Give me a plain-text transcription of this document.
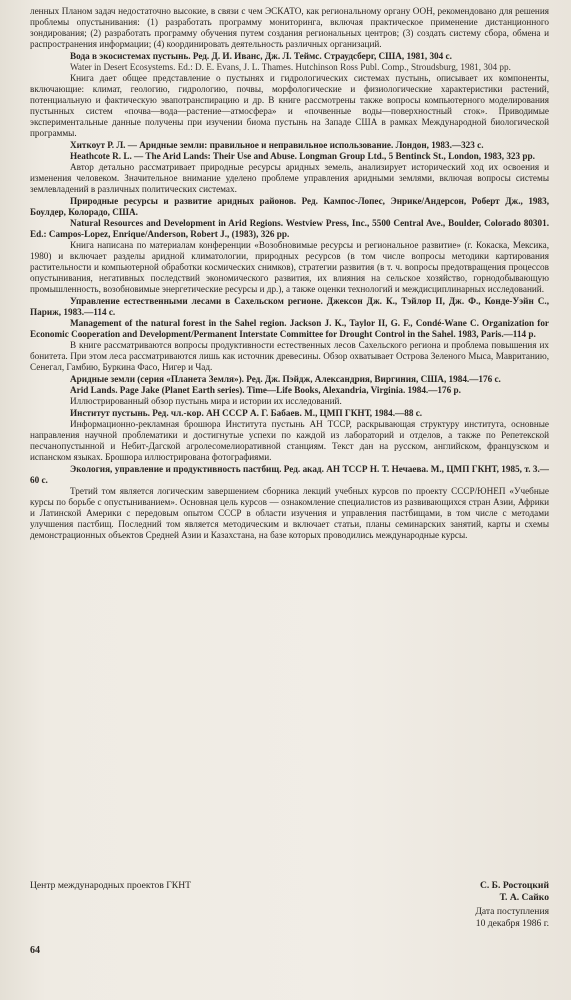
ленных Планом задач недостаточно высокие, в связи с чем ЭСКАТО, как региональному органу ООН, рекомендовано для решения проблемы опустынивания: (1) разработать программу мониторинга, включая практическое применение дистанционного зондирования; (2) разработать программу обучения путем создания региональных центров; (3) создать систему сбора, обмена и распространения информации; (4) координировать деятельность различных организаций.

Вода в экосистемах пустынь. Ред. Д. И. Иванс, Дж. Л. Теймс. Страудсберг, США, 1981, 304 с.

Water in Desert Ecosystems. Ed.: D. E. Evans, J. L. Thames. Hutchinson Ross Publ. Comp., Stroudsburg, 1981, 304 pp.

Книга дает общее представление о пустынях и гидрологических системах пустынь, описывает их компоненты, включающие: климат, геологию, гидрологию, почвы, морфологические и физиологические характеристики растений, потенциальную и фактическую эвапотранспирацию и др. В книге рассмотрены также вопросы компьютерного моделирования пустынных систем «почва—вода—растение—атмосфера» и «почвенные воды—поверхностный сток». Приводимые экспериментальные данные получены при изучении биома пустынь на Западе США в рамках Международной биологической программы.

Хиткоут Р. Л. — Аридные земли: правильное и неправильное использование. Лондон, 1983.—323 с.

Heathcote R. L. — The Arid Lands: Their Use and Abuse. Longman Group Ltd., 5 Bentinck St., London, 1983, 323 pp.

Автор детально рассматривает природные ресурсы аридных земель, анализирует исторический ход их освоения и изменения человеком. Значительное внимание уделено проблеме управления аридными землями, включая вопросы системы землевладений в различных политических системах.

Природные ресурсы и развитие аридных районов. Ред. Кампос-Лопес, Энрике/Андерсон, Роберт Дж., 1983, Боулдер, Колорадо, США.

Natural Resources and Development in Arid Regions. Westview Press, Inc., 5500 Central Ave., Boulder, Colorado 80301. Ed.: Campos-Lopez, Enrique/Anderson, Robert J., (1983), 326 pp.

Книга написана по материалам конференции «Возобновимые ресурсы и региональное развитие» (г. Кокаска, Мексика, 1980) и включает разделы аридной климатологии, природных ресурсов (в том числе вопросы методики картирования растительности и компьютерной обработки космических снимков), стратегии развития (в т. ч. вопросы предотвращения процессов опустынивания, негативных последствий экономического развития, их влияния на сельское хозяйство, горнодобывающую промышленность, возобновимые энергетические ресурсы и др.), а также оценки технологий и междисциплинарных исследований.

Управление естественными лесами в Сахельском регионе. Джексон Дж. К., Тэйлор II, Дж. Ф., Конде-Уэйн С., Париж, 1983.—114 с.

Management of the natural forest in the Sahel region. Jackson J. K., Taylor II, G. F., Condé-Wane C. Organization for Economic Cooperation and Development/Permanent Interstate Committee for Drought Control in the Sahel. 1983, Paris.—114 p.

В книге рассматриваются вопросы продуктивности естественных лесов Сахельского региона и проблема повышения их бонитета. При этом леса рассматриваются лишь как источник древесины. Обзор охватывает Острова Зеленого Мыса, Мавританию, Сенегал, Гамбию, Буркина Фасо, Нигер и Чад.

Аридные земли (серия «Планета Земля»). Ред. Дж. Пэйдж, Александрия, Виргиния, США, 1984.—176 с.

Arid Lands. Page Jake (Planet Earth series). Time—Life Books, Alexandria, Virginia. 1984.—176 p.

Иллюстрированный обзор пустынь мира и истории их исследований.

Институт пустынь. Ред. чл.-кор. АН СССР А. Г. Бабаев. М., ЦМП ГКНТ, 1984.—88 с.

Информационно-рекламная брошюра Института пустынь АН ТССР, раскрывающая структуру института, основные направления научной проблематики и достигнутые успехи по каждой из лабораторий и отделов, а также по Репетекской песчанопустынной и Небит-Дагской агролесомелиоративной станциям. Текст дан на русском, английском, французском и испанском языках. Брошюра иллюстрирована фотографиями.

Экология, управление и продуктивность пастбищ. Ред. акад. АН ТССР Н. Т. Нечаева. М., ЦМП ГКНТ, 1985, т. 3.—60 с.

Третий том является логическим завершением сборника лекций учебных курсов по проекту СССР/ЮНЕП «Учебные курсы по борьбе с опустыниванием». Основная цель курсов — ознакомление специалистов из развивающихся стран Азии, Африки и Латинской Америки с передовым опытом СССР в области изучения и управления пастбищами, в том числе с методами улучшения пастбищ. Последний том является методическим и включает статьи, планы семинарских занятий, карты и схемы демонстрационных объектов Средней Азии и Казахстана, на базе которых проводились международные курсы.

Центр международных проектов ГКНТ	С. Б. Ростоцкий
Т. А. Сайко
Дата поступления
10 декабря 1986 г.
64
